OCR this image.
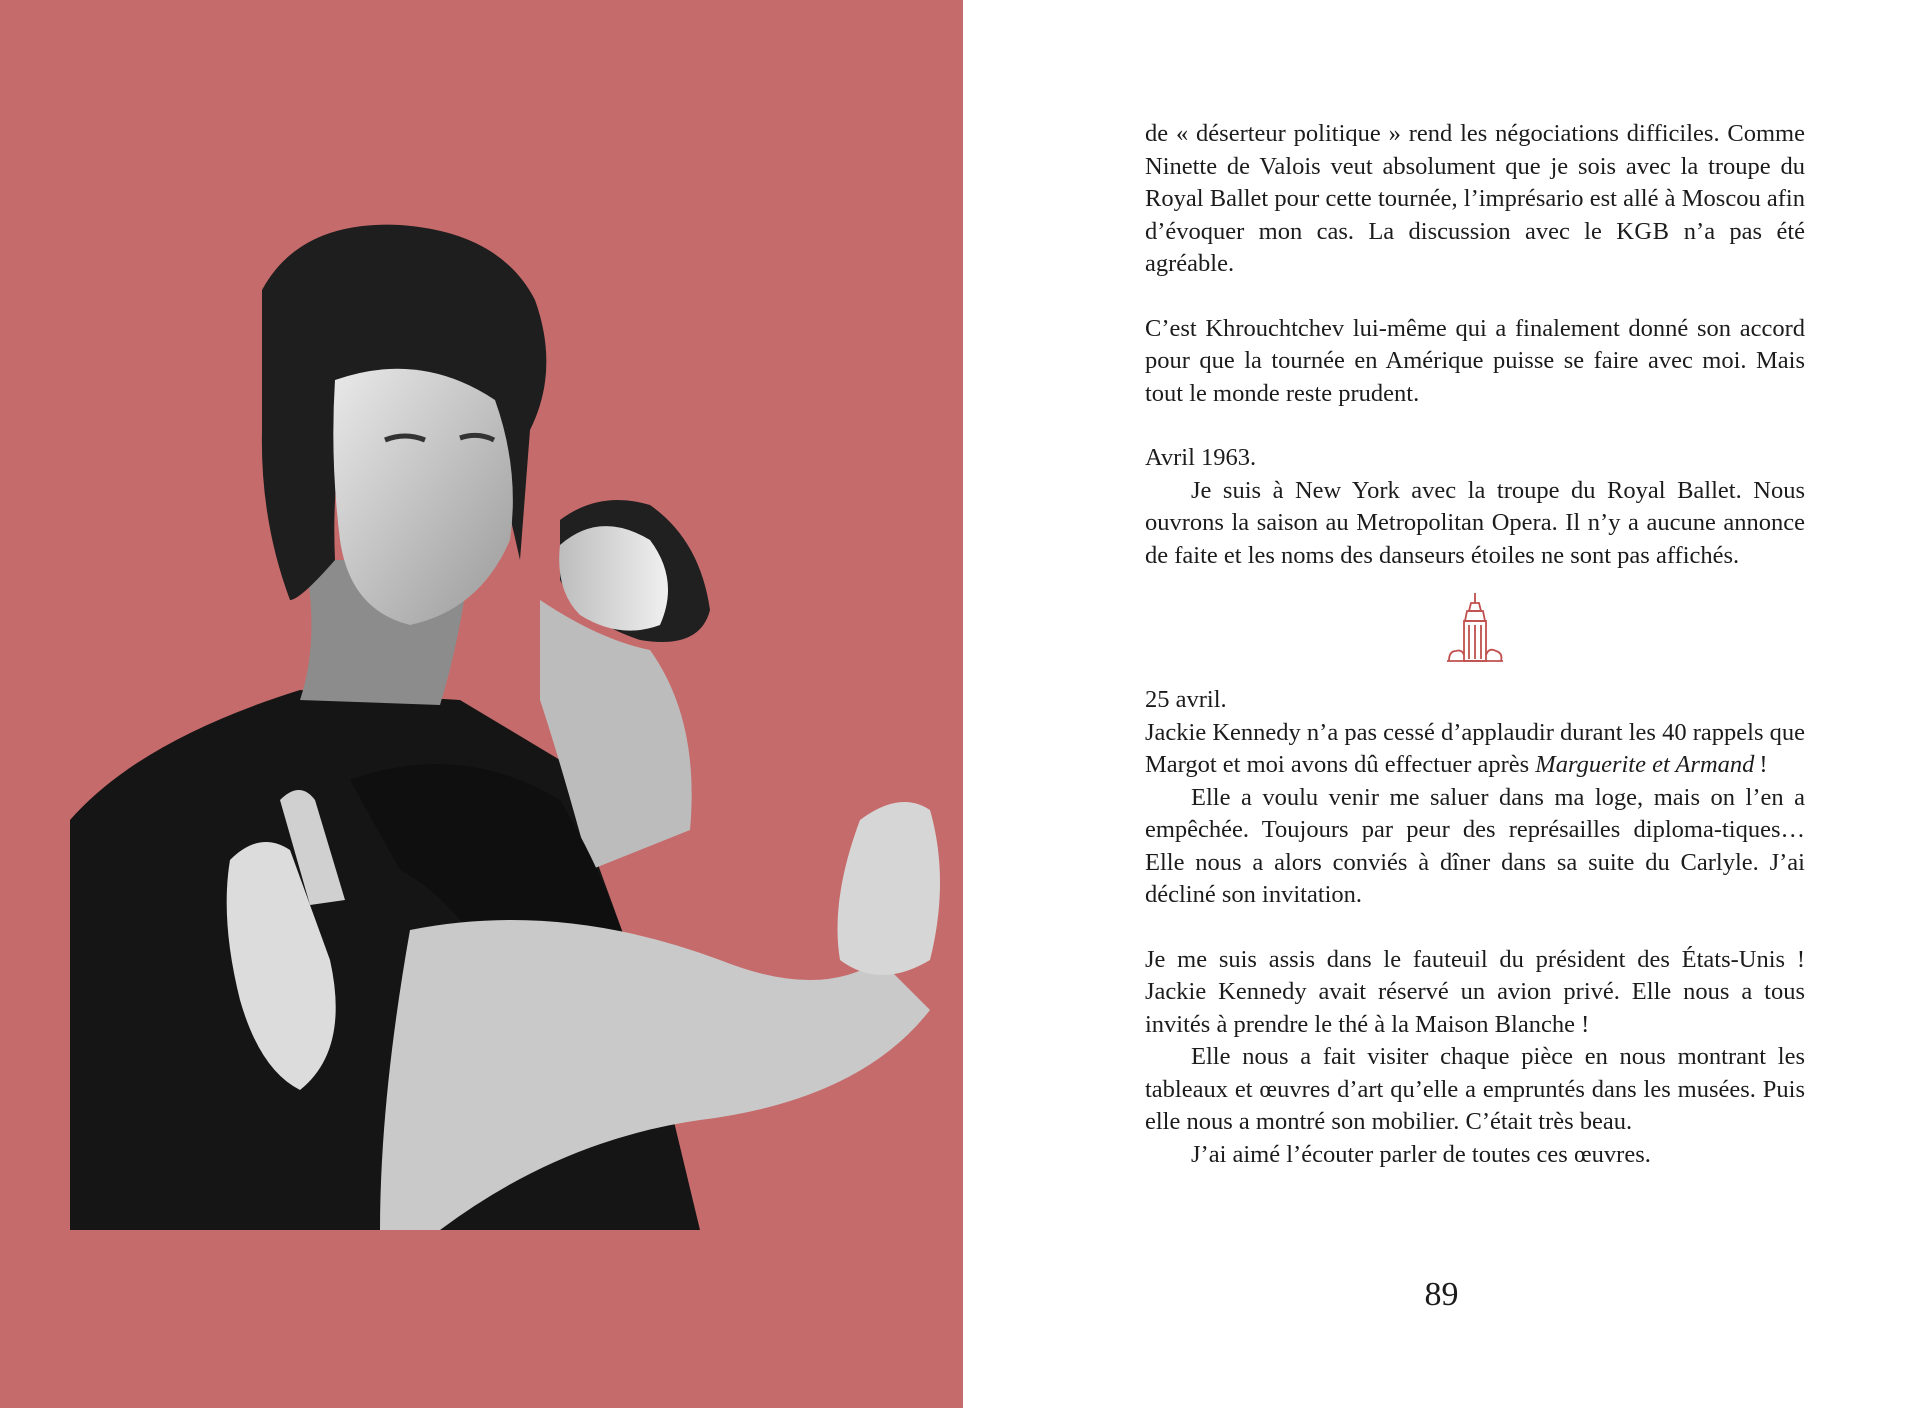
de « déserteur politique » rend les négociations difficiles. Comme Ninette de Valois veut absolument que je sois avec la troupe du Royal Ballet pour cette tournée, l’imprésario est allé à Moscou afin d’évoquer mon cas. La discussion avec le KGB n’a pas été agréable.

C’est Khrouchtchev lui-même qui a finalement donné son accord pour que la tournée en Amérique puisse se faire avec moi. Mais tout le monde reste prudent.

Avril 1963.

Je suis à New York avec la troupe du Royal Ballet. Nous ouvrons la saison au Metropolitan Opera. Il n’y a aucune annonce de faite et les noms des danseurs étoiles ne sont pas affichés.

25 avril.

Jackie Kennedy n’a pas cessé d’applaudir durant les 40 rappels que Margot et moi avons dû effectuer après Marguerite et Armand  !

Elle a voulu venir me saluer dans ma loge, mais on l’en a empêchée. Toujours par peur des représailles diploma-tiques… Elle nous a alors conviés à dîner dans sa suite du Carlyle. J’ai décliné son invitation.

Je me suis assis dans le fauteuil du président des États-Unis ! Jackie Kennedy avait réservé un avion privé. Elle nous a tous invités à prendre le thé à la Maison Blanche !

Elle nous a fait visiter chaque pièce en nous montrant les tableaux et œuvres d’art qu’elle a empruntés dans les musées. Puis elle nous a montré son mobilier. C’était très beau.

J’ai aimé l’écouter parler de toutes ces œuvres.

89
